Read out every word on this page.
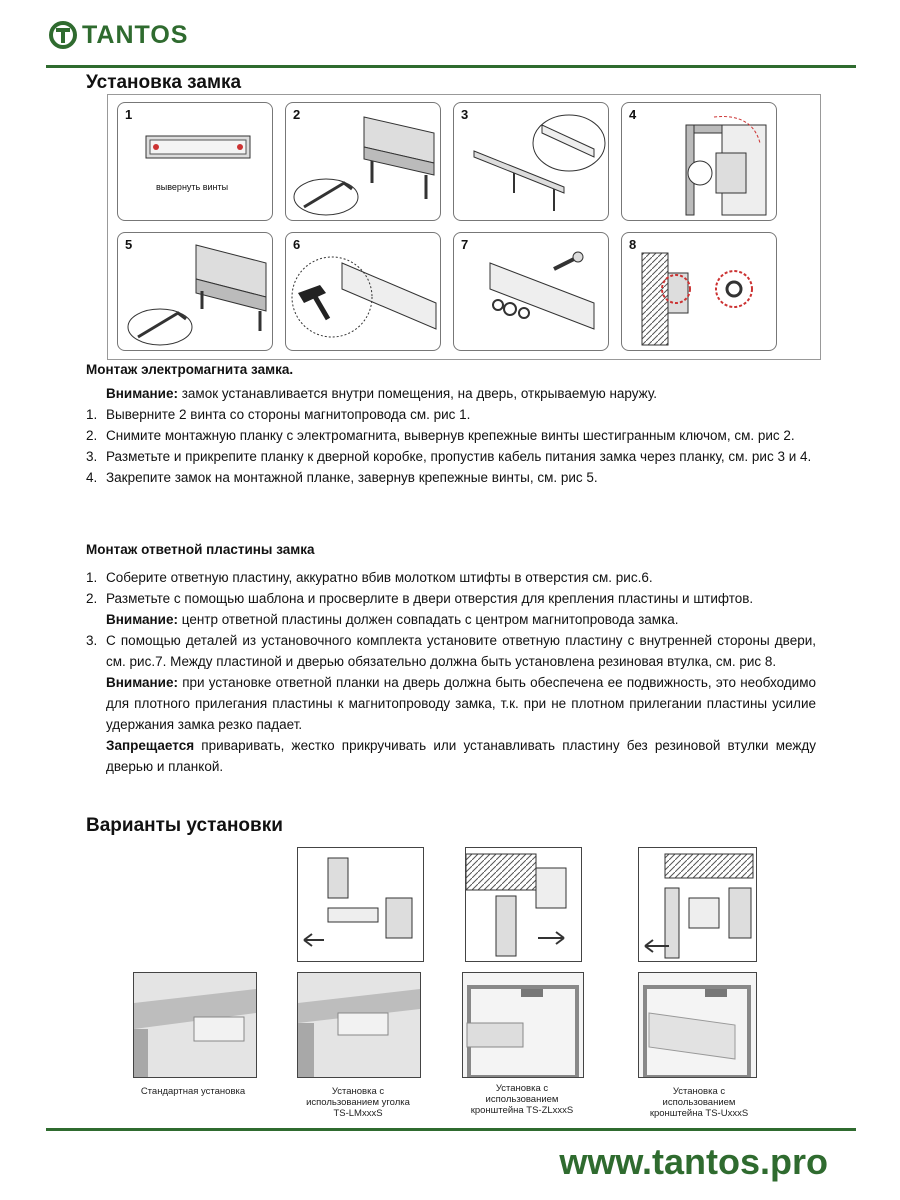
TANTOS
Установка замка
1
вывернуть винты
2	3	4
5	6	7	8
Монтаж электромагнита замка.
Внимание: замок устанавливается внутри помещения, на дверь, открываемую наружу.
1. Выверните 2 винта со стороны магнитопровода см. рис 1.
2. Снимите монтажную планку с электромагнита, вывернув крепежные винты шестигранным ключом, см. рис 2.
3. Разметьте и прикрепите планку к дверной коробке, пропустив кабель питания замка через планку, см. рис 3 и 4.
4. Закрепите замок на монтажной планке, завернув крепежные винты, см. рис 5.
Монтаж ответной пластины замка
1. Соберите ответную пластину, аккуратно вбив молотком штифты в отверстия см. рис.6.
2. Разметьте с помощью шаблона и просверлите в двери отверстия для крепления пластины и штифтов.
Внимание: центр ответной пластины должен совпадать с центром магнитопровода замка.
3. С помощью деталей из установочного комплекта установите ответную пластину с внутренней стороны двери, см. рис.7. Между пластиной и дверью обязательно должна быть установлена резиновая втулка, см. рис 8.
Внимание: при установке ответной планки на дверь должна быть обеспечена ее подвижность, это необходимо для плотного прилегания пластины к магнитопроводу замка, т.к. при не плотном прилегании пластины усилие удержания замка резко падает.
Запрещается приваривать, жестко прикручивать или устанавливать пластину без резиновой втулки между дверью и планкой.
Варианты установки
Стандартная установка	Установка с использованием уголка TS-LMxxxS
Установка с использованием кронштейна TS-ZLxxxS
Установка с использованием кронштейна TS-UxxxS
www.tantos.pro
